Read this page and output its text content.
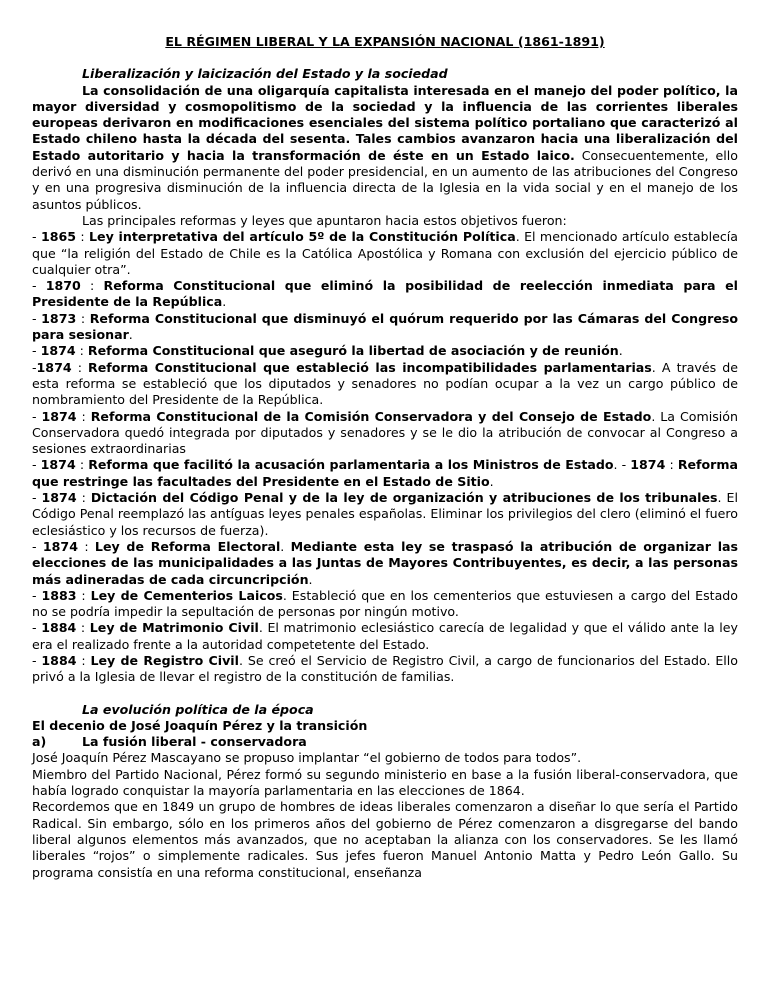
EL RÉGIMEN LIBERAL Y LA EXPANSIÓN NACIONAL (1861-1891)
Liberalización y laicización del Estado y la sociedad

La consolidación de una oligarquía capitalista interesada en el manejo del poder político, la mayor diversidad y cosmopolitismo de la sociedad y la influencia de las corrientes liberales europeas derivaron en modificaciones esenciales del sistema político portaliano que caracterizó al Estado chileno hasta la década del sesenta. Tales cambios avanzaron hacia una liberalización del Estado autoritario y hacia la transformación de éste en un Estado laico. Consecuentemente, ello derivó en una disminución permanente del poder presidencial, en un aumento de las atribuciones del Congreso y en una progresiva disminución de la influencia directa de la Iglesia en la vida social y en el manejo de los asuntos públicos.

Las principales reformas y leyes que apuntaron hacia estos objetivos fueron:

- 1865 : Ley interpretativa del artículo 5º de la Constitución Política. El mencionado artículo establecía que “la religión del Estado de Chile es la Católica Apostólica y Romana con exclusión del ejercicio público de cualquier otra”.

- 1870 : Reforma Constitucional que eliminó la posibilidad de reelección inmediata para el Presidente de la República.

- 1873 : Reforma Constitucional que disminuyó el quórum requerido por las Cámaras del Congreso para sesionar.

- 1874 : Reforma Constitucional que aseguró la libertad de asociación y de reunión.

-1874 : Reforma Constitucional que estableció las incompatibilidades parlamentarias. A través de esta reforma se estableció que los diputados y senadores no podían ocupar a la vez un cargo público de nombramiento del Presidente de la República.

- 1874 : Reforma Constitucional de la Comisión Conservadora y del Consejo de Estado. La Comisión Conservadora quedó integrada por diputados y senadores y se le dio la atribución de convocar al Congreso a sesiones extraordinarias

- 1874 : Reforma que facilitó la acusación parlamentaria a los Ministros de Estado. - 1874 : Reforma que restringe las facultades del Presidente en el Estado de Sitio.

- 1874 : Dictación del Código Penal y de la ley de organización y atribuciones de los tribunales. El Código Penal reemplazó las antíguas leyes penales españolas. Eliminar los privilegios del clero (eliminó el fuero eclesiástico y los recursos de fuerza).

- 1874 : Ley de Reforma Electoral. Mediante esta ley se traspasó la atribución de organizar las elecciones de las municipalidades a las Juntas de Mayores Contribuyentes, es decir, a las personas más adineradas de cada circuncripción.

- 1883 : Ley de Cementerios Laicos. Estableció que en los cementerios que estuviesen a cargo del Estado no se podría impedir la sepultación de personas por ningún motivo.

- 1884 : Ley de Matrimonio Civil. El matrimonio eclesiástico carecía de legalidad y que el válido ante la ley era el realizado frente a la autoridad competetente del Estado.

- 1884 : Ley de Registro Civil. Se creó el Servicio de Registro Civil, a cargo de funcionarios del Estado. Ello privó a la Iglesia de llevar el registro de la constitución de familias.

La evolución política de la época
El decenio de José Joaquín Pérez y la transición
a)	La fusión liberal - conservadora

José Joaquín Pérez Mascayano se propuso implantar “el gobierno de todos para todos”.

Miembro del Partido Nacional, Pérez formó su segundo ministerio en base a la fusión liberal-conservadora, que había logrado conquistar la mayoría parlamentaria en las elecciones de 1864.

Recordemos que en 1849 un grupo de hombres de ideas liberales comenzaron a diseñar lo que sería el Partido Radical. Sin embargo, sólo en los primeros años del gobierno de Pérez comenzaron a disgregarse del bando liberal algunos elementos más avanzados, que no aceptaban la alianza con los conservadores. Se les llamó liberales “rojos” o simplemente radicales. Sus jefes fueron Manuel Antonio Matta y Pedro León Gallo. Su programa consistía en una reforma constitucional, enseñanza
